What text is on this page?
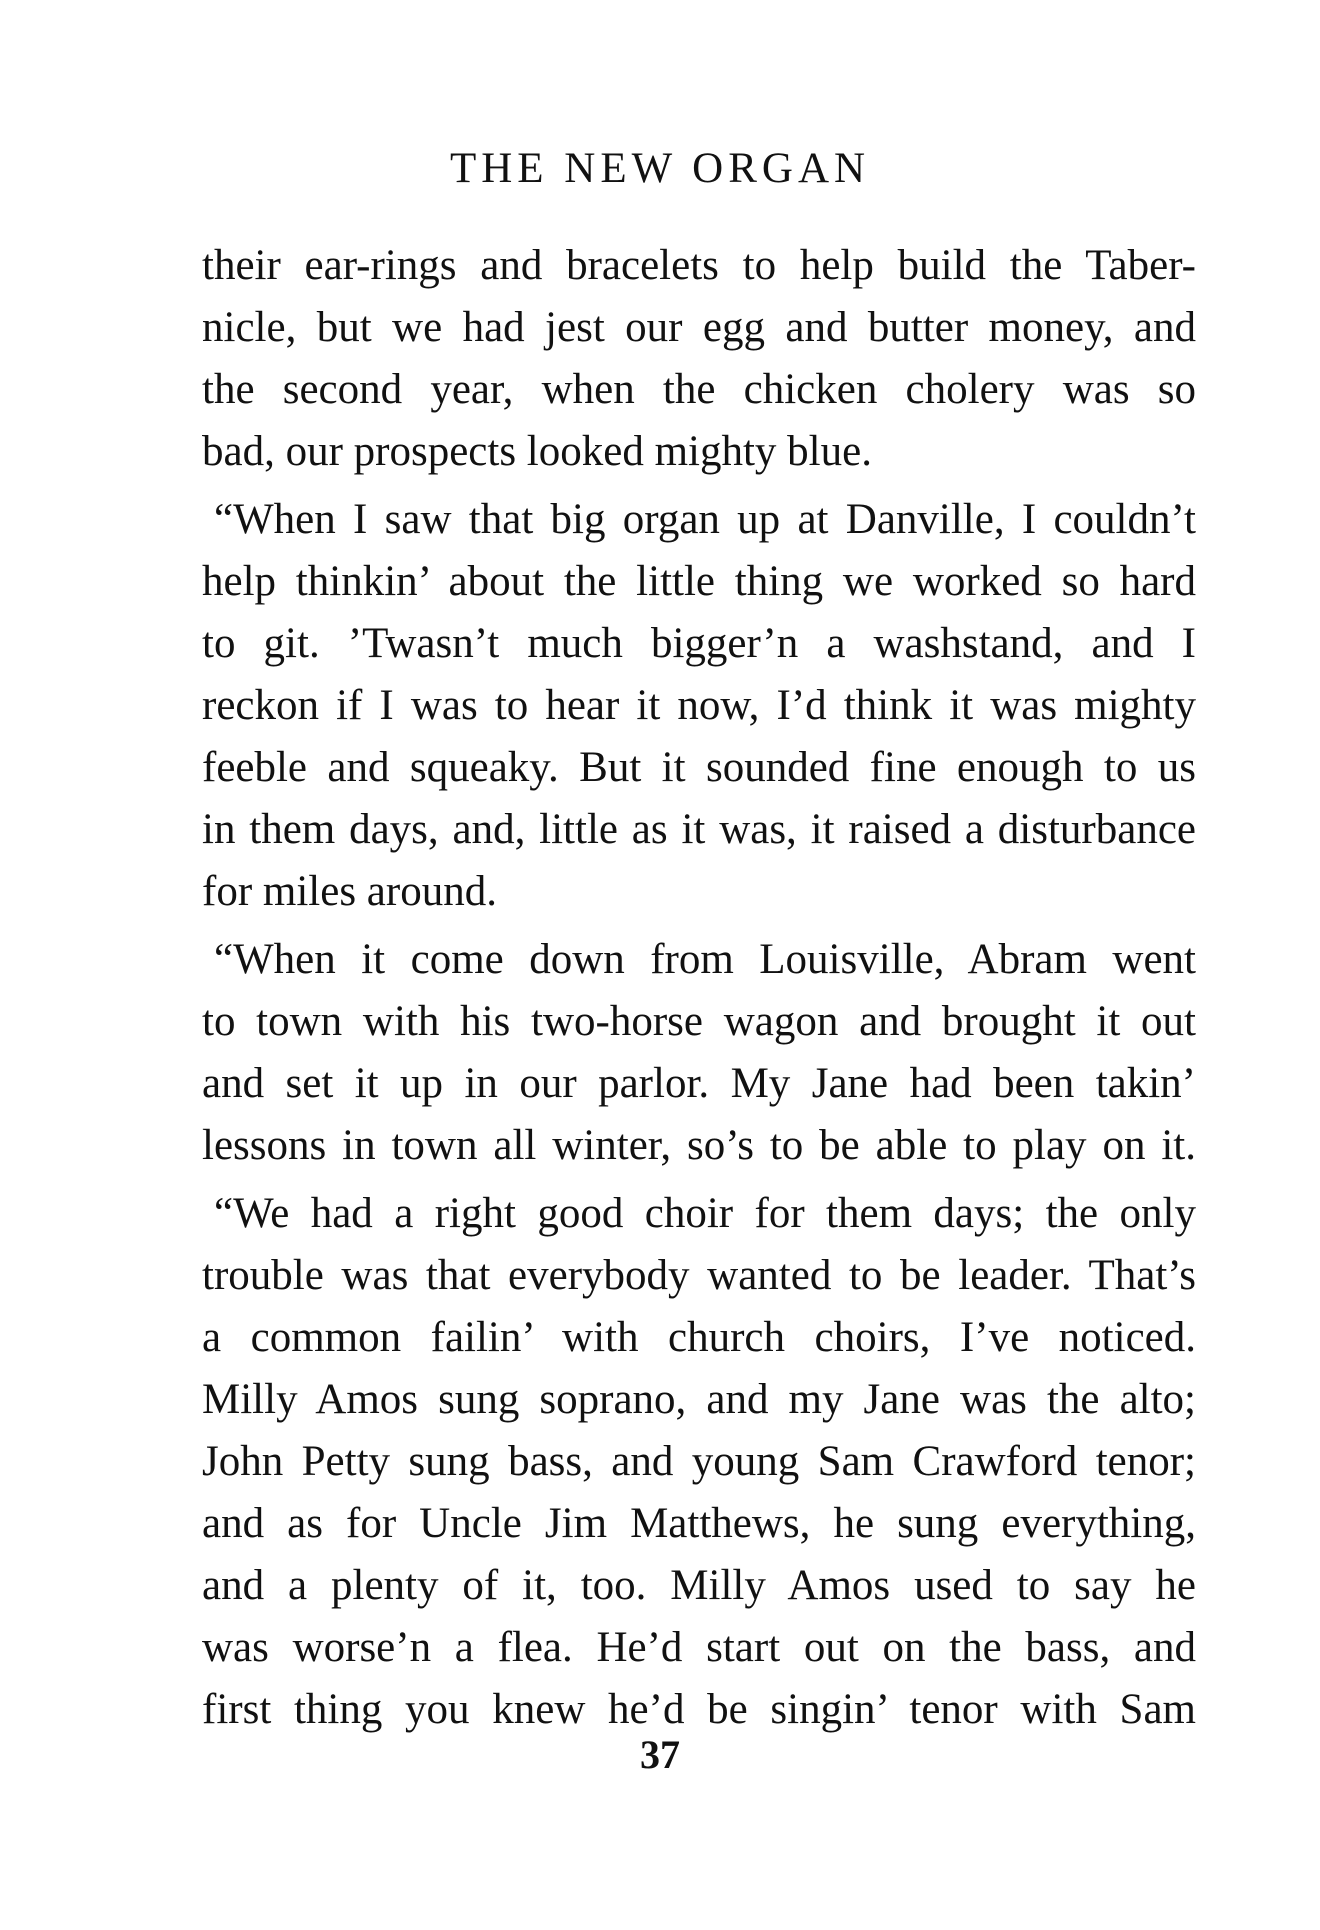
THE NEW ORGAN
their ear-rings and bracelets to help build the Taber-
nicle, but we had jest our egg and butter money, and
the second year, when the chicken cholery was so
bad, our prospects looked mighty blue.
“When I saw that big organ up at Danville, I couldn’t
help thinkin’ about the little thing we worked so hard
to git. ’Twasn’t much bigger’n a washstand, and I
reckon if I was to hear it now, I’d think it was mighty
feeble and squeaky. But it sounded fine enough to us
in them days, and, little as it was, it raised a disturbance
for miles around.
“When it come down from Louisville, Abram went
to town with his two-horse wagon and brought it out
and set it up in our parlor. My Jane had been takin’
lessons in town all winter, so’s to be able to play on it.
“We had a right good choir for them days; the only
trouble was that everybody wanted to be leader. That’s
a common failin’ with church choirs, I’ve noticed.
Milly Amos sung soprano, and my Jane was the alto;
John Petty sung bass, and young Sam Crawford tenor;
and as for Uncle Jim Matthews, he sung everything,
and a plenty of it, too. Milly Amos used to say he
was worse’n a flea. He’d start out on the bass, and
first thing you knew he’d be singin’ tenor with Sam
37
